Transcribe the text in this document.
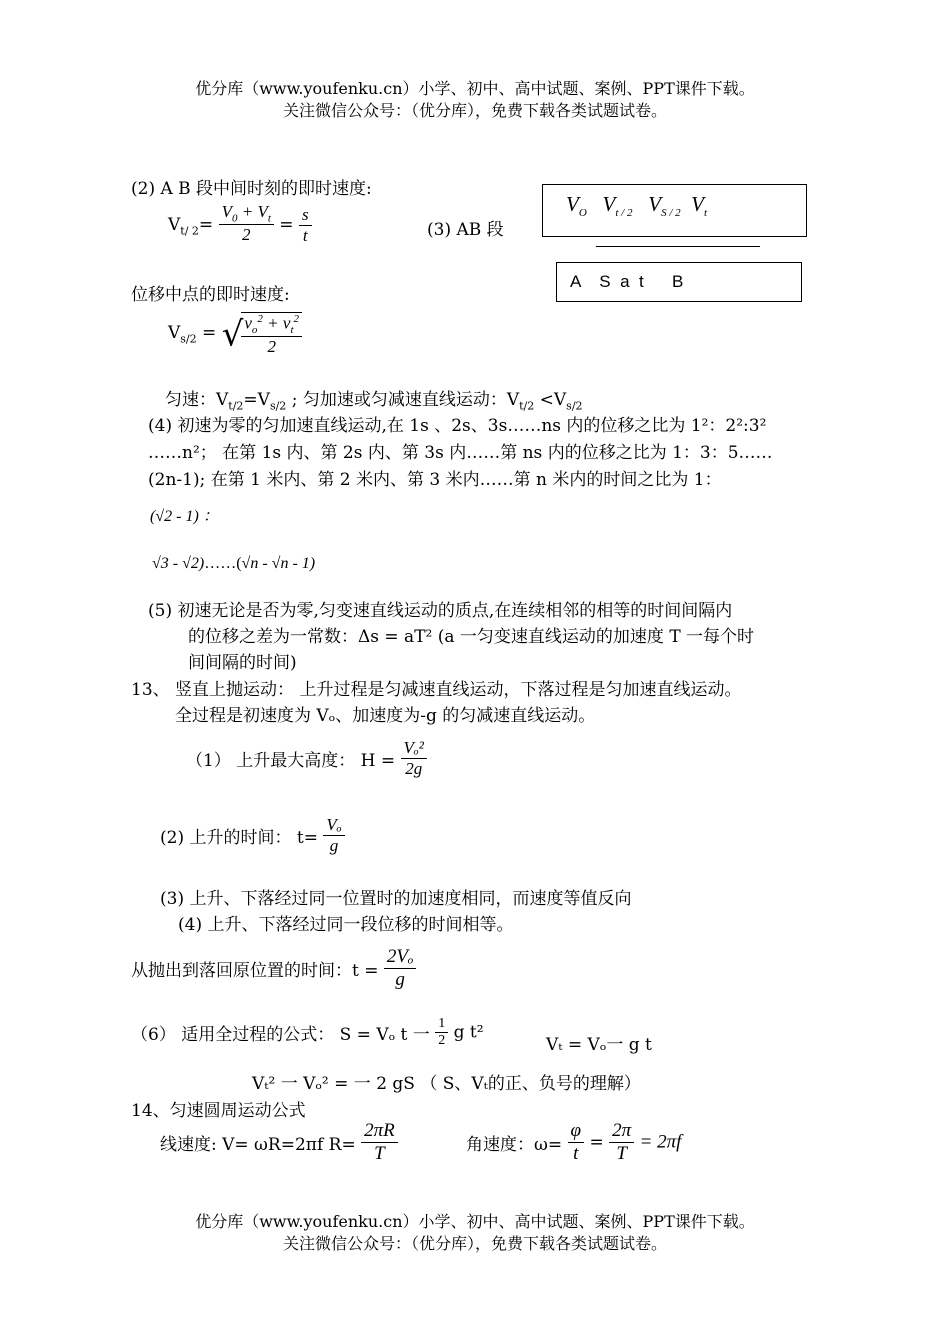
优分库（www.youfenku.cn）小学、初中、高中试题、案例、PPT课件下载。
关注微信公众号：（优分库），免费下载各类试题试卷。
(2) A B 段中间时刻的即时速度:
$V_{t/ 2}= \frac{V_0 + V_t}{2} = \frac{s}{t}$	(3) AB 段
$V_O$ $V_{t / 2}$ $V_{S / 2}$ $V_t$
A    S  a  t      B
位移中点的即时速度:
$V_{s/2}$ = √
$\frac{v_o^2 + v_t^2}{2}$
匀速：$V_{t/2}=V_{s/2}$ ; 匀加速或匀减速直线运动：$V_{t/2} <V_{s/2}$
(4) 初速为零的匀加速直线运动,在 1s 、2s、3s……ns 内的位移之比为 1²：2²:3²
……n²； 在第 1s 内、第 2s 内、第 3s 内……第 ns 内的位移之比为 1：3：5……
(2n-1); 在第 1 米内、第 2 米内、第 3 米内……第 n 米内的时间之比为 1：
(√2 - 1) ：
√3 - √2)……(√n - √n - 1)
(5) 初速无论是否为零,匀变速直线运动的质点,在连续相邻的相等的时间间隔内
的位移之差为一常数：Δs = aT² (a 一匀变速直线运动的加速度 T 一每个时
间间隔的时间)
13、 竖直上抛运动： 上升过程是匀减速直线运动，下落过程是匀加速直线运动。
全过程是初速度为 Vₒ、加速度为-g 的匀减速直线运动。
（1） 上升最大高度： $H = \frac{\text{Vₒ²}}{2g}$
(2) 上升的时间： $t= \frac{\text{Vₒ}}{g}$
(3) 上升、下落经过同一位置时的加速度相同，而速度等值反向
(4) 上升、下落经过同一段位移的时间相等。
从抛出到落回原位置的时间：$t = \frac{\text{2Vₒ}}{g}$
（6） 适用全过程的公式： S = Vₒ t 一 $\frac{1}{2}$ g t²
Vₜ = Vₒ一 g t
Vₜ² 一 Vₒ² = 一 2 gS （ S、Vₜ的正、负号的理解）
14、匀速圆周运动公式
线速度: V= ωR=2πf $R= \frac{2\pi R}{T}$	角速度：$\omega= \frac{\varphi}{t} = \frac{2\pi}{T} = 2\pi f$
优分库（www.youfenku.cn）小学、初中、高中试题、案例、PPT课件下载。
关注微信公众号：（优分库），免费下载各类试题试卷。
